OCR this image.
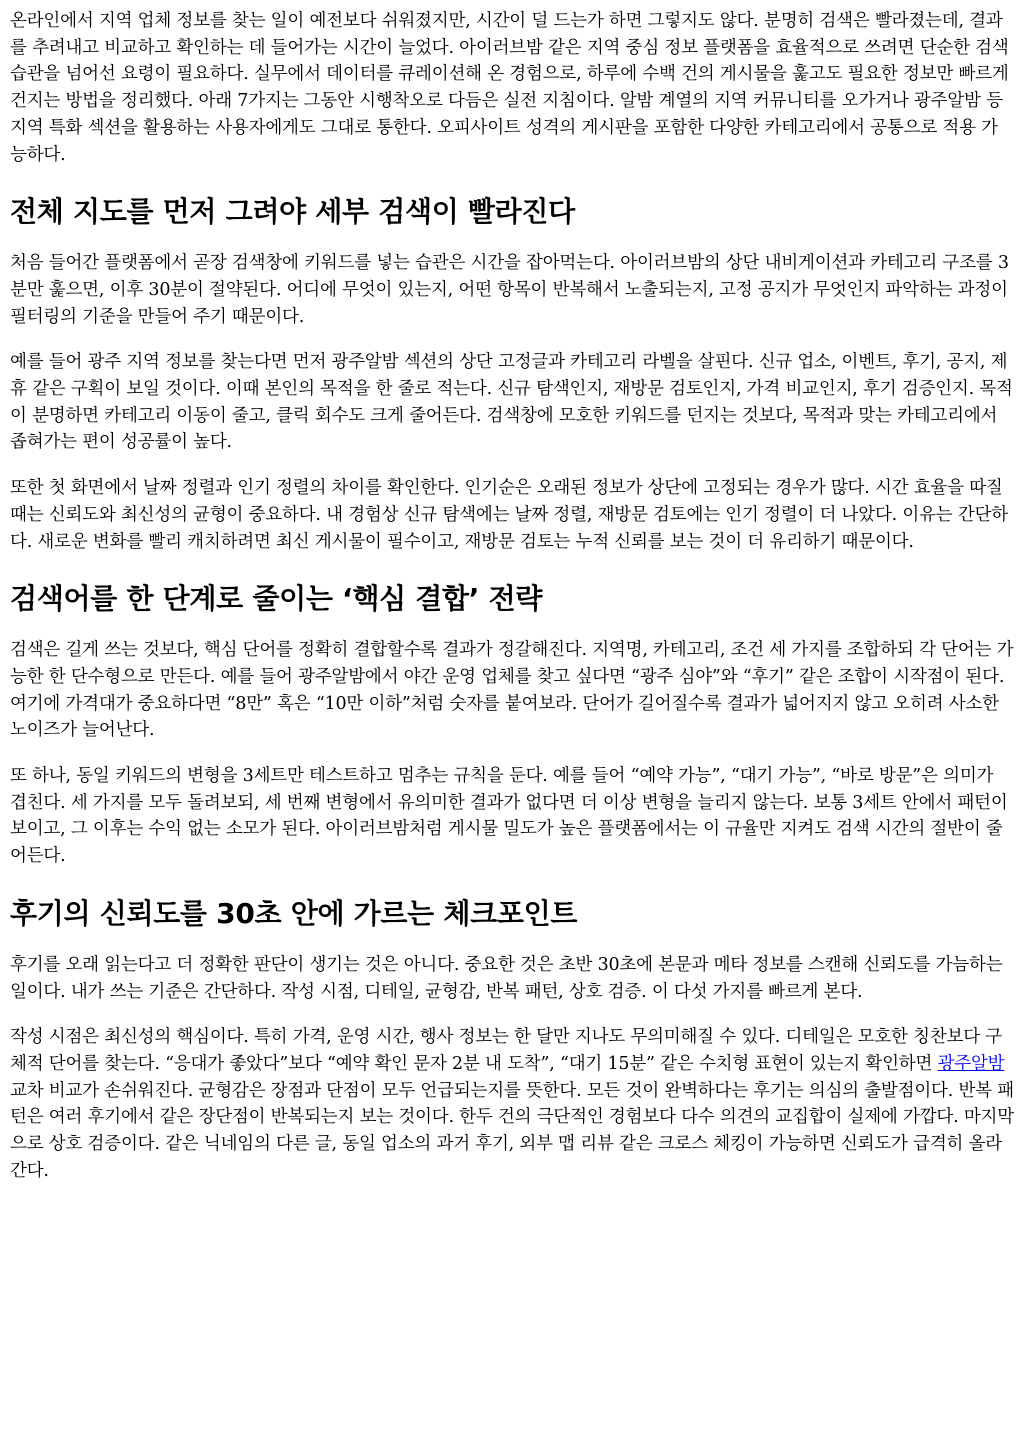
온라인에서 지역 업체 정보를 찾는 일이 예전보다 쉬워졌지만, 시간이 덜 드는가 하면 그렇지도 않다. 분명히 검색은 빨라졌는데, 결과를 추려내고 비교하고 확인하는 데 들어가는 시간이 늘었다. 아이러브밤 같은 지역 중심 정보 플랫폼을 효율적으로 쓰려면 단순한 검색 습관을 넘어선 요령이 필요하다. 실무에서 데이터를 큐레이션해 온 경험으로, 하루에 수백 건의 게시물을 훑고도 필요한 정보만 빠르게 건지는 방법을 정리했다. 아래 7가지는 그동안 시행착오로 다듬은 실전 지침이다. 알밤 계열의 지역 커뮤니티를 오가거나 광주알밤 등 지역 특화 섹션을 활용하는 사용자에게도 그대로 통한다. 오피사이트 성격의 게시판을 포함한 다양한 카테고리에서 공통으로 적용 가능하다.

전체 지도를 먼저 그려야 세부 검색이 빨라진다

처음 들어간 플랫폼에서 곧장 검색창에 키워드를 넣는 습관은 시간을 잡아먹는다. 아이러브밤의 상단 내비게이션과 카테고리 구조를 3분만 훑으면, 이후 30분이 절약된다. 어디에 무엇이 있는지, 어떤 항목이 반복해서 노출되는지, 고정 공지가 무엇인지 파악하는 과정이 필터링의 기준을 만들어 주기 때문이다.

예를 들어 광주 지역 정보를 찾는다면 먼저 광주알밤 섹션의 상단 고정글과 카테고리 라벨을 살핀다. 신규 업소, 이벤트, 후기, 공지, 제휴 같은 구획이 보일 것이다. 이때 본인의 목적을 한 줄로 적는다. 신규 탐색인지, 재방문 검토인지, 가격 비교인지, 후기 검증인지. 목적이 분명하면 카테고리 이동이 줄고, 클릭 회수도 크게 줄어든다. 검색창에 모호한 키워드를 던지는 것보다, 목적과 맞는 카테고리에서 좁혀가는 편이 성공률이 높다.

또한 첫 화면에서 날짜 정렬과 인기 정렬의 차이를 확인한다. 인기순은 오래된 정보가 상단에 고정되는 경우가 많다. 시간 효율을 따질 때는 신뢰도와 최신성의 균형이 중요하다. 내 경험상 신규 탐색에는 날짜 정렬, 재방문 검토에는 인기 정렬이 더 나았다. 이유는 간단하다. 새로운 변화를 빨리 캐치하려면 최신 게시물이 필수이고, 재방문 검토는 누적 신뢰를 보는 것이 더 유리하기 때문이다.

검색어를 한 단계로 줄이는 ‘핵심 결합’ 전략

검색은 길게 쓰는 것보다, 핵심 단어를 정확히 결합할수록 결과가 정갈해진다. 지역명, 카테고리, 조건 세 가지를 조합하되 각 단어는 가능한 한 단수형으로 만든다. 예를 들어 광주알밤에서 야간 운영 업체를 찾고 싶다면 “광주 심야”와 “후기” 같은 조합이 시작점이 된다. 여기에 가격대가 중요하다면 “8만” 혹은 “10만 이하”처럼 숫자를 붙여보라. 단어가 길어질수록 결과가 넓어지지 않고 오히려 사소한 노이즈가 늘어난다.

또 하나, 동일 키워드의 변형을 3세트만 테스트하고 멈추는 규칙을 둔다. 예를 들어 “예약 가능”, “대기 가능”, “바로 방문”은 의미가 겹친다. 세 가지를 모두 돌려보되, 세 번째 변형에서 유의미한 결과가 없다면 더 이상 변형을 늘리지 않는다. 보통 3세트 안에서 패턴이 보이고, 그 이후는 수익 없는 소모가 된다. 아이러브밤처럼 게시물 밀도가 높은 플랫폼에서는 이 규율만 지켜도 검색 시간의 절반이 줄어든다.

후기의 신뢰도를 30초 안에 가르는 체크포인트

후기를 오래 읽는다고 더 정확한 판단이 생기는 것은 아니다. 중요한 것은 초반 30초에 본문과 메타 정보를 스캔해 신뢰도를 가늠하는 일이다. 내가 쓰는 기준은 간단하다. 작성 시점, 디테일, 균형감, 반복 패턴, 상호 검증. 이 다섯 가지를 빠르게 본다.

작성 시점은 최신성의 핵심이다. 특히 가격, 운영 시간, 행사 정보는 한 달만 지나도 무의미해질 수 있다. 디테일은 모호한 칭찬보다 구체적 단어를 찾는다. “응대가 좋았다”보다 “예약 확인 문자 2분 내 도착”, “대기 15분” 같은 수치형 표현이 있는지 확인하면 광주알밤 교차 비교가 손쉬워진다. 균형감은 장점과 단점이 모두 언급되는지를 뜻한다. 모든 것이 완벽하다는 후기는 의심의 출발점이다. 반복 패턴은 여러 후기에서 같은 장단점이 반복되는지 보는 것이다. 한두 건의 극단적인 경험보다 다수 의견의 교집합이 실제에 가깝다. 마지막으로 상호 검증이다. 같은 닉네임의 다른 글, 동일 업소의 과거 후기, 외부 맵 리뷰 같은 크로스 체킹이 가능하면 신뢰도가 급격히 올라간다.
